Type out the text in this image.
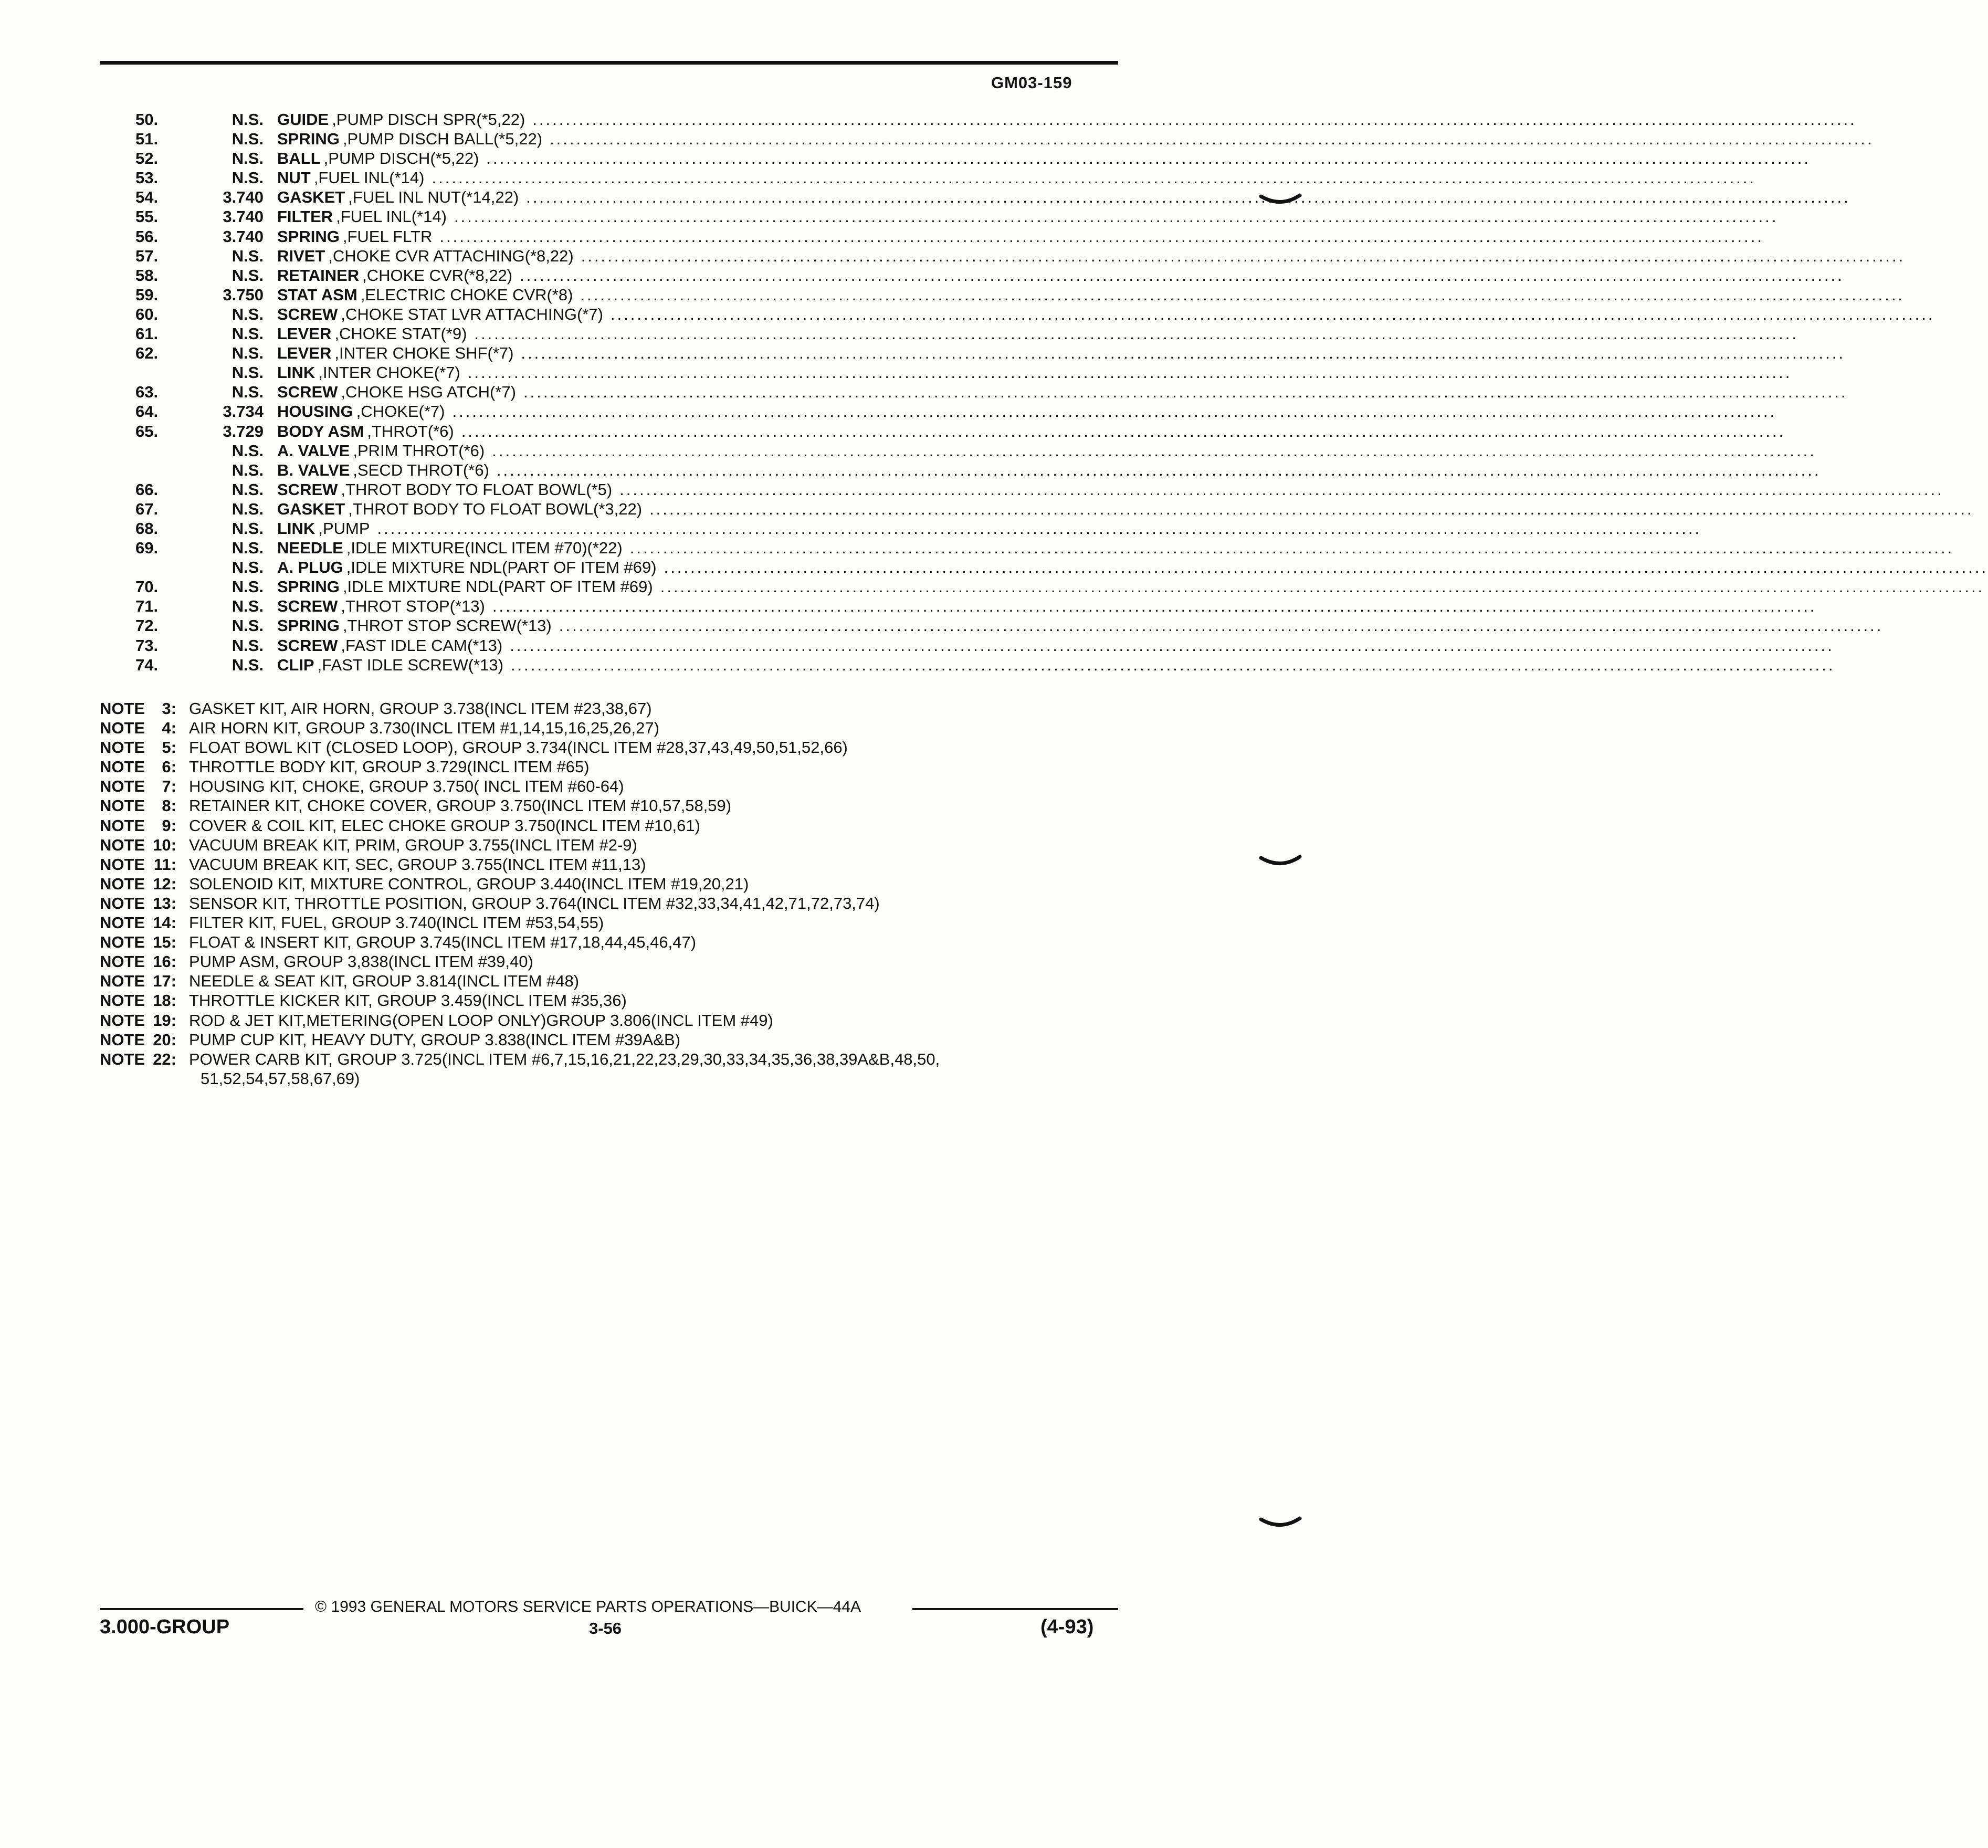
GM03-159
50.	N.S. GUIDE ,PUMP DISCH SPR(*5,22) ........................................................................................................................................................................................................
51.	N.S. SPRING ,PUMP DISCH BALL(*5,22) ........................................................................................................................................................................................................
52.	N.S. BALL ,PUMP DISCH(*5,22) ........................................................................................................................................................................................................
53.	N.S. NUT ,FUEL INL(*14) ........................................................................................................................................................................................................
54.	3.740 GASKET ,FUEL INL NUT(*14,22) ........................................................................................................................................................................................................
55.	3.740 FILTER ,FUEL INL(*14) ........................................................................................................................................................................................................
56.	3.740 SPRING ,FUEL FLTR ........................................................................................................................................................................................................
57.	N.S. RIVET ,CHOKE CVR ATTACHING(*8,22) ........................................................................................................................................................................................................
58.	N.S. RETAINER ,CHOKE CVR(*8,22) ........................................................................................................................................................................................................
59.	3.750 STAT ASM ,ELECTRIC CHOKE CVR(*8) ........................................................................................................................................................................................................
60.	N.S. SCREW ,CHOKE STAT LVR ATTACHING(*7) ........................................................................................................................................................................................................
61.	N.S. LEVER ,CHOKE STAT(*9) ........................................................................................................................................................................................................
62.	N.S. LEVER ,INTER CHOKE SHF(*7) ........................................................................................................................................................................................................
N.S. LINK ,INTER CHOKE(*7) ........................................................................................................................................................................................................
63.	N.S. SCREW ,CHOKE HSG ATCH(*7) ........................................................................................................................................................................................................
64.	3.734 HOUSING ,CHOKE(*7) ........................................................................................................................................................................................................
65.	3.729 BODY ASM ,THROT(*6) ........................................................................................................................................................................................................
N.S. A. VALVE ,PRIM THROT(*6) ........................................................................................................................................................................................................
N.S. B. VALVE ,SECD THROT(*6) ........................................................................................................................................................................................................
66.	N.S. SCREW ,THROT BODY TO FLOAT BOWL(*5) ........................................................................................................................................................................................................
67.	N.S. GASKET ,THROT BODY TO FLOAT BOWL(*3,22) ........................................................................................................................................................................................................
68.	N.S. LINK ,PUMP ........................................................................................................................................................................................................
69.	N.S. NEEDLE ,IDLE MIXTURE(INCL ITEM #70)(*22) ........................................................................................................................................................................................................
N.S. A. PLUG ,IDLE MIXTURE NDL(PART OF ITEM #69) ........................................................................................................................................................................................................
70.	N.S. SPRING ,IDLE MIXTURE NDL(PART OF ITEM #69) ........................................................................................................................................................................................................
71.	N.S. SCREW ,THROT STOP(*13) ........................................................................................................................................................................................................
72.	N.S. SPRING ,THROT STOP SCREW(*13) ........................................................................................................................................................................................................
73.	N.S. SCREW ,FAST IDLE CAM(*13) ........................................................................................................................................................................................................
74.	N.S. CLIP ,FAST IDLE SCREW(*13) ........................................................................................................................................................................................................
NOTE	3: GASKET KIT, AIR HORN, GROUP 3.738(INCL ITEM #23,38,67)
NOTE	4: AIR HORN KIT, GROUP 3.730(INCL ITEM #1,14,15,16,25,26,27)
NOTE	5: FLOAT BOWL KIT (CLOSED LOOP), GROUP 3.734(INCL ITEM #28,37,43,49,50,51,52,66)
NOTE	6: THROTTLE BODY KIT, GROUP 3.729(INCL ITEM #65)
NOTE	7: HOUSING KIT, CHOKE, GROUP 3.750( INCL ITEM #60-64)
NOTE	8: RETAINER KIT, CHOKE COVER, GROUP 3.750(INCL ITEM #10,57,58,59)
NOTE	9: COVER & COIL KIT, ELEC CHOKE GROUP 3.750(INCL ITEM #10,61)
NOTE 10: VACUUM BREAK KIT, PRIM, GROUP 3.755(INCL ITEM #2-9)
NOTE 11: VACUUM BREAK KIT, SEC, GROUP 3.755(INCL ITEM #11,13)
NOTE 12: SOLENOID KIT, MIXTURE CONTROL, GROUP 3.440(INCL ITEM #19,20,21)
NOTE 13: SENSOR KIT, THROTTLE POSITION, GROUP 3.764(INCL ITEM #32,33,34,41,42,71,72,73,74)
NOTE 14: FILTER KIT, FUEL, GROUP 3.740(INCL ITEM #53,54,55)
NOTE 15: FLOAT & INSERT KIT, GROUP 3.745(INCL ITEM #17,18,44,45,46,47)
NOTE 16: PUMP ASM, GROUP 3,838(INCL ITEM #39,40)
NOTE 17: NEEDLE & SEAT KIT, GROUP 3.814(INCL ITEM #48)
NOTE 18: THROTTLE KICKER KIT, GROUP 3.459(INCL ITEM #35,36)
NOTE 19: ROD & JET KIT,METERING(OPEN LOOP ONLY)GROUP 3.806(INCL ITEM #49)
NOTE 20: PUMP CUP KIT, HEAVY DUTY, GROUP 3.838(INCL ITEM #39A&B)
NOTE 22: POWER CARB KIT, GROUP 3.725(INCL ITEM #6,7,15,16,21,22,23,29,30,33,34,35,36,38,39A&B,48,50,
51,52,54,57,58,67,69)
© 1993 GENERAL MOTORS SERVICE PARTS OPERATIONS—BUICK—44A
3.000-GROUP	3-56	(4-93)
